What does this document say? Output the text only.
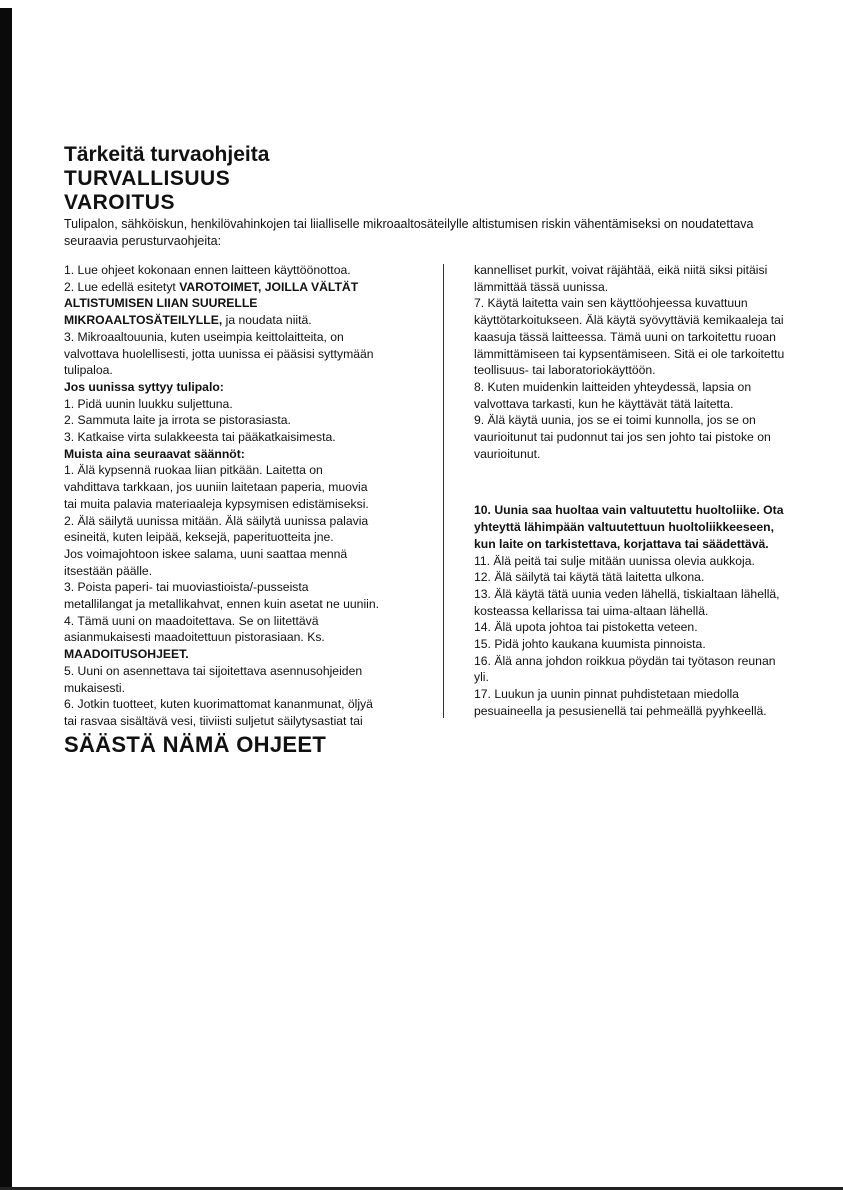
Tärkeitä turvaohjeita
TURVALLISUUS
VAROITUS
Tulipalon, sähköiskun, henkilövahinkojen tai liialliselle mikroaaltosäteilylle altistumisen riskin vähentämiseksi on noudatettava
seuraavia perusturvaohjeita:
1. Lue ohjeet kokonaan ennen laitteen käyttöönottoa.
2. Lue edellä esitetyt VAROTOIMET, JOILLA VÄLTÄT
ALTISTUMISEN LIIAN SUURELLE
MIKROAALTOSÄTEILYLLE, ja noudata niitä.
3. Mikroaaltouunia, kuten useimpia keittolaitteita, on
valvottava huolellisesti, jotta uunissa ei pääsisi syttymään
tulipaloa.
Jos uunissa syttyy tulipalo:
1. Pidä uunin luukku suljettuna.
2. Sammuta laite ja irrota se pistorasiasta.
3. Katkaise virta sulakkeesta tai pääkatkaisimesta.
Muista aina seuraavat säännöt:
1. Älä kypsennä ruokaa liian pitkään. Laitetta on
vahdittava tarkkaan, jos uuniin laitetaan paperia, muovia
tai muita palavia materiaaleja kypsymisen edistämiseksi.
2. Älä säilytä uunissa mitään. Älä säilytä uunissa palavia
esineitä, kuten leipää, keksejä, paperituotteita jne.
Jos voimajohtoon iskee salama, uuni saattaa mennä
itsestään päälle.
3. Poista paperi- tai muoviastioista/-pusseista
metallilangat ja metallikahvat, ennen kuin asetat ne uuniin.
4. Tämä uuni on maadoitettava. Se on liitettävä
asianmukaisesti maadoitettuun pistorasiaan. Ks.
MAADOITUSOHJEET.
5. Uuni on asennettava tai sijoitettava asennusohjeiden
mukaisesti.
6. Jotkin tuotteet, kuten kuorimattomat kananmunat, öljyä
tai rasvaa sisältävä vesi, tiiviisti suljetut säilytysastiat tai
kannelliset purkit, voivat räjähtää, eikä niitä siksi pitäisi
lämmittää tässä uunissa.
7. Käytä laitetta vain sen käyttöohjeessa kuvattuun
käyttötarkoitukseen. Älä käytä syövyttäviä kemikaaleja tai
kaasuja tässä laitteessa. Tämä uuni on tarkoitettu ruoan
lämmittämiseen tai kypsentämiseen. Sitä ei ole tarkoitettu
teollisuus- tai laboratoriokäyttöön.
8. Kuten muidenkin laitteiden yhteydessä, lapsia on
valvottava tarkasti, kun he käyttävät tätä laitetta.
9. Älä käytä uunia, jos se ei toimi kunnolla, jos se on
vaurioitunut tai pudonnut tai jos sen johto tai pistoke on
vaurioitunut.
10. Uunia saa huoltaa vain valtuutettu huoltoliike. Ota
yhteyttä lähimpään valtuutettuun huoltoliikkeeseen,
kun laite on tarkistettava, korjattava tai säädettävä.
11. Älä peitä tai sulje mitään uunissa olevia aukkoja.
12. Älä säilytä tai käytä tätä laitetta ulkona.
13. Älä käytä tätä uunia veden lähellä, tiskialtaan lähellä,
kosteassa kellarissa tai uima-altaan lähellä.
14. Älä upota johtoa tai pistoketta veteen.
15. Pidä johto kaukana kuumista pinnoista.
16. Älä anna johdon roikkua pöydän tai työtason reunan
yli.
17. Luukun ja uunin pinnat puhdistetaan miedolla
pesuaineella ja pesusienellä tai pehmeällä pyyhkeellä.
SÄÄSTÄ NÄMÄ OHJEET
